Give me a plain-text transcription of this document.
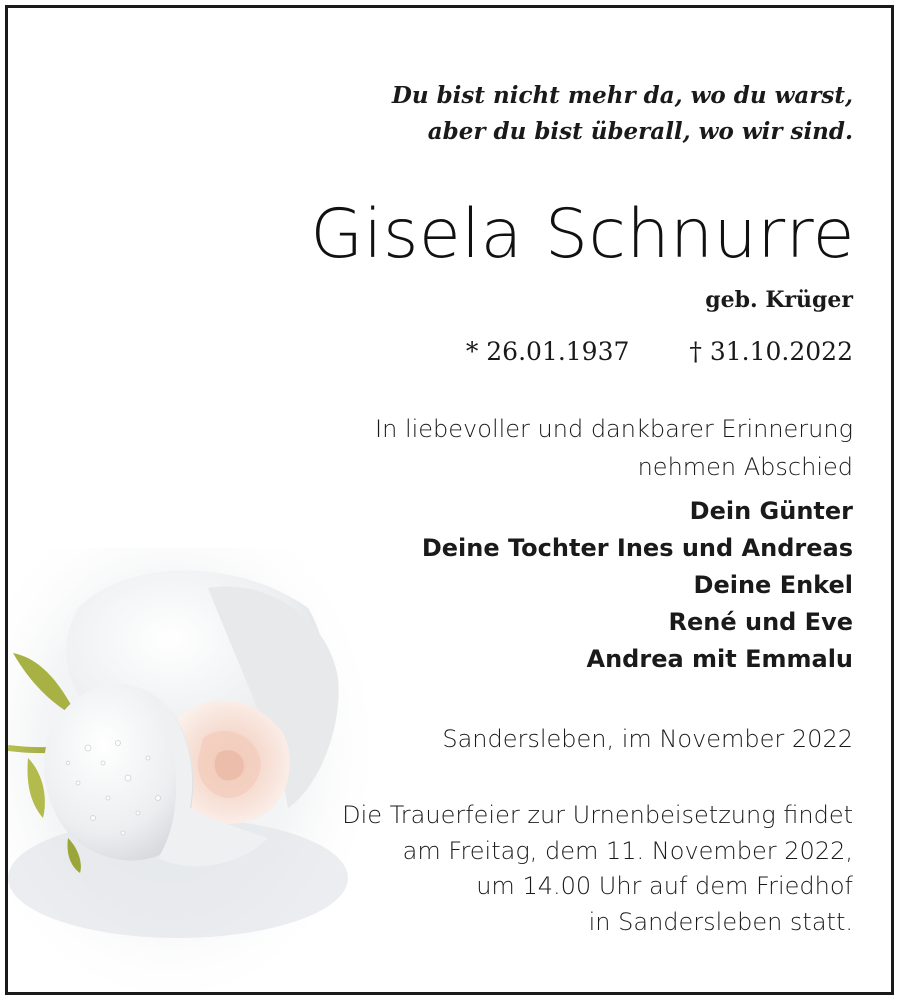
Du bist nicht mehr da, wo du warst,
aber du bist überall, wo wir sind.
Gisela Schnurre
geb. Krüger
* 26.01.1937 † 31.10.2022
In liebevoller und dankbarer Erinnerung
nehmen Abschied
Dein Günter
Deine Tochter Ines und Andreas
Deine Enkel
René und Eve
Andrea mit Emmalu
Sandersleben, im November 2022
Die Trauerfeier zur Urnenbeisetzung findet
am Freitag, dem 11. November 2022,
um 14.00 Uhr auf dem Friedhof
in Sandersleben statt.
